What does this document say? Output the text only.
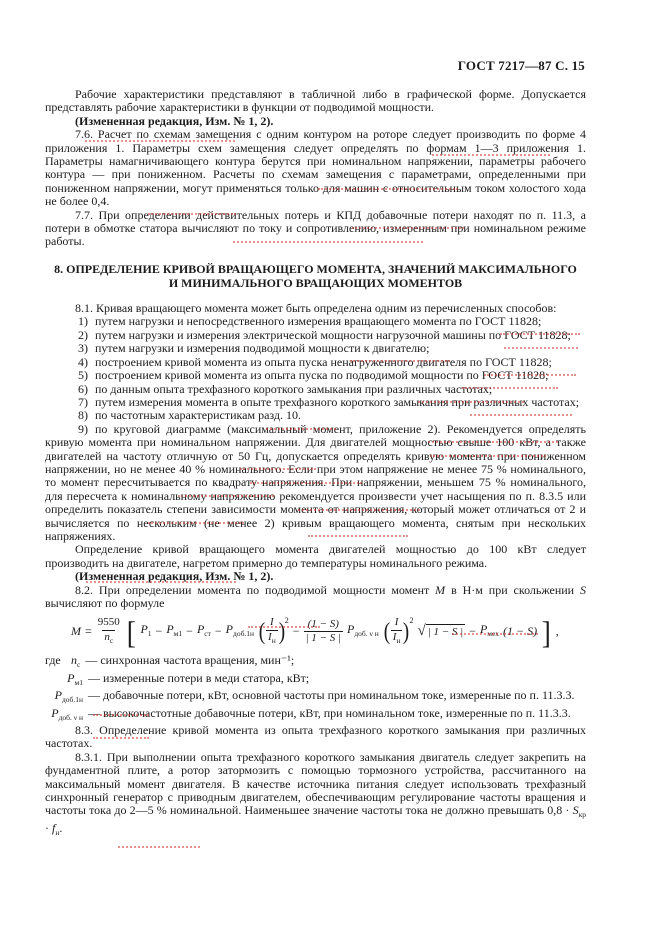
ГОСТ 7217—87 С. 15

Рабочие характеристики представляют в табличной либо в графической форме. Допускается представлять рабочие характеристики в функции от подводимой мощности.

(Измененная редакция, Изм. № 1, 2).

7.6. Расчет по схемам замещения с одним контуром на роторе следует производить по форме 4 приложения 1. Параметры схем замещения следует определять по формам 1—3 приложения 1. Параметры намагничивающего контура берутся при номинальном напряжении, параметры рабочего контура — при пониженном. Расчеты по схемам замещения с параметрами, определенными при пониженном напряжении, могут применяться только для машин с относительным током холостого хода не более 0,4.

7.7. При определении действительных потерь и КПД добавочные потери находят по п. 11.3, а потери в обмотке статора вычисляют по току и сопротивлению, измеренным при номинальном режиме работы.

8. ОПРЕДЕЛЕНИЕ КРИВОЙ ВРАЩАЮЩЕГО МОМЕНТА, ЗНАЧЕНИЙ МАКСИМАЛЬНОГО
И МИНИМАЛЬНОГО ВРАЩАЮЩИХ МОМЕНТОВ

8.1. Кривая вращающего момента может быть определена одним из перечисленных способов:

1) путем нагрузки и непосредственного измерения вращающего момента по ГОСТ 11828;

2) путем нагрузки и измерения электрической мощности нагрузочной машины по ГОСТ 11828;

3) путем нагрузки и измерения подводимой мощности к двигателю;

4) построением кривой момента из опыта пуска ненагруженного двигателя по ГОСТ 11828;

5) построением кривой момента из опыта пуска по подводимой мощности по ГОСТ 11828;

6) по данным опыта трехфазного короткого замыкания при различных частотах;

7) путем измерения момента в опыте трехфазного короткого замыкания при различных частотах;

8) по частотным характеристикам разд. 10.

9) по круговой диаграмме (максимальный момент, приложение 2). Рекомендуется определять кривую момента при номинальном напряжении. Для двигателей мощностью свыше 100 кВт, а также двигателей на частоту отличную от 50 Гц, допускается определять кривую момента при пониженном напряжении, но не менее 40 % номинального. Если при этом напряжение не менее 75 % номинального, то момент пересчитывается по квадрату напряжения. При напряжении, меньшем 75 % номинального, для пересчета к номинальному напряжению рекомендуется произвести учет насыщения по п. 8.3.5 или определить показатель степени зависимости момента от напряжения, который может отличаться от 2 и вычисляется по нескольким (не менее 2) кривым вращающего момента, снятым при нескольких напряжениях.

Определение кривой вращающего момента двигателей мощностью до 100 кВт следует производить на двигателе, нагретом примерно до температуры номинального режима.

(Измененная редакция, Изм. № 1, 2).

8.2. При определении момента по подводимой мощности момент М в Н·м при скольжении S вычисляют по формуле

$M = \frac{9550}{n_с}$ [ $P_1 - P_{м1} - P_{ст} - P_{доб.1н}$ ( $\frac{I}{I_н}$ ) 2
− $\frac{(1 - S)}{| 1 - S |} P_{доб. \nu н}$ ( $\frac{I}{I_н}$ ) 2
√ | 1 − S | − $P_{мех}$ (1 − S) ] ,
где $n_с$ — синхронная частота вращения, мин⁻¹;
$P_{м1}$ — измеренные потери в меди статора, кВт;
$P_{доб.1н}$ — добавочные потери, кВт, основной частоты при номинальном токе, измеренные по п. 11.3.3.
$P_{доб. \nu н}$ — высокочастотные добавочные потери, кВт, при номинальном токе, измеренные по п. 11.3.3.

8.3. Определение кривой момента из опыта трехфазного короткого замыкания при различных частотах.

8.3.1. При выполнении опыта трехфазного короткого замыкания двигатель следует закрепить на фундаментной плите, а ротор затормозить с помощью тормозного устройства, рассчитанного на максимальный момент двигателя. В качестве источника питания следует использовать трехфазный синхронный генератор с приводным двигателем, обеспечивающим регулирование частоты вращения и частоты тока до 2—5 % номинальной. Наименьшее значение частоты тока не должно превышать $0,8 \cdot S_{кр} \cdot f_н$.
